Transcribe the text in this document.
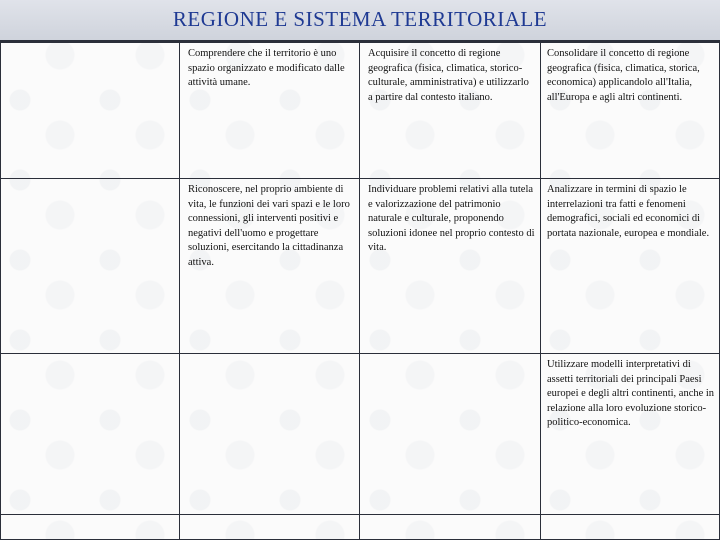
REGIONE E SISTEMA TERRITORIALE
Comprendere che il territorio è uno spazio organizzato e modificato dalle attività umane.
Acquisire il concetto di regione geografica (fisica, climatica, storico-culturale, amministrativa) e utilizzarlo a partire dal contesto italiano.
Consolidare il concetto di regione geografica (fisica, climatica, storica, economica) applicandolo all'Italia, all'Europa e agli altri continenti.
Riconoscere, nel proprio ambiente di vita, le funzioni dei vari spazi e le loro connessioni, gli interventi positivi e negativi dell'uomo e progettare soluzioni, esercitando la cittadinanza attiva.
Individuare problemi relativi alla tutela e valorizzazione del patrimonio naturale e culturale, proponendo soluzioni idonee nel proprio contesto di vita.
Analizzare in termini di spazio le interrelazioni tra fatti e fenomeni demografici, sociali ed economici di portata nazionale, europea e mondiale.
Utilizzare modelli interpretativi di assetti territoriali dei principali Paesi europei e degli altri continenti, anche in relazione alla loro evoluzione storico-politico-economica.
